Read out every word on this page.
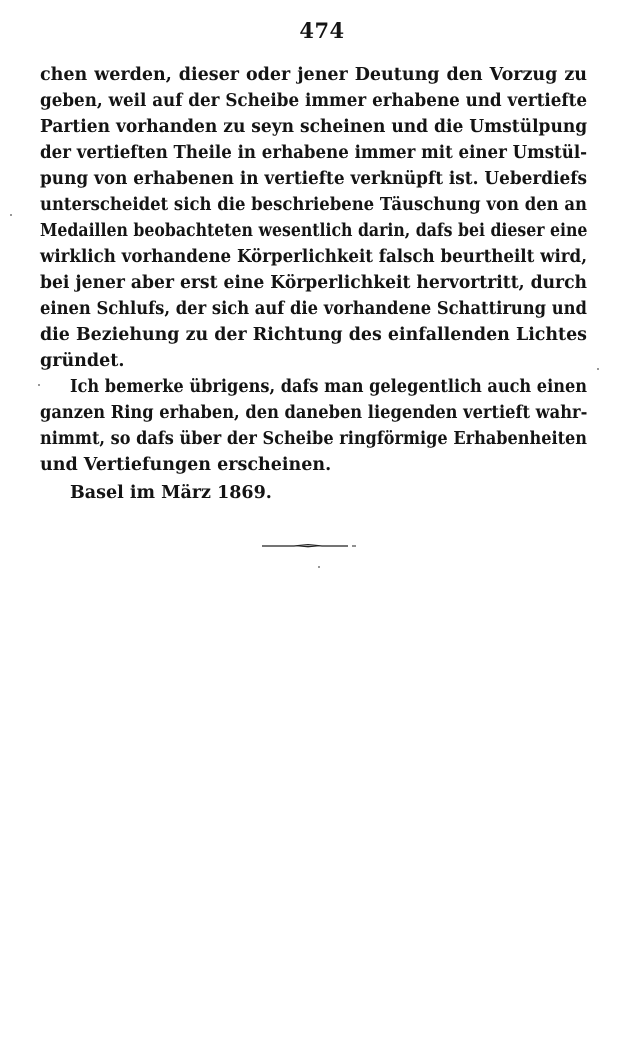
474
chen werden, dieser oder jener Deutung den Vorzug zu
geben, weil auf der Scheibe immer erhabene und vertiefte
Partien vorhanden zu seyn scheinen und die Umstülpung
der vertieften Theile in erhabene immer mit einer Umstül-
pung von erhabenen in vertiefte verknüpft ist. Ueberdiefs
unterscheidet sich die beschriebene Täuschung von den an
Medaillen beobachteten wesentlich darin, dafs bei dieser eine
wirklich vorhandene Körperlichkeit falsch beurtheilt wird,
bei jener aber erst eine Körperlichkeit hervortritt, durch
einen Schlufs, der sich auf die vorhandene Schattirung und
die Beziehung zu der Richtung des einfallenden Lichtes
gründet.
Ich bemerke übrigens, dafs man gelegentlich auch einen
ganzen Ring erhaben, den daneben liegenden vertieft wahr-
nimmt, so dafs über der Scheibe ringförmige Erhabenheiten
und Vertiefungen erscheinen.
Basel im März 1869.
